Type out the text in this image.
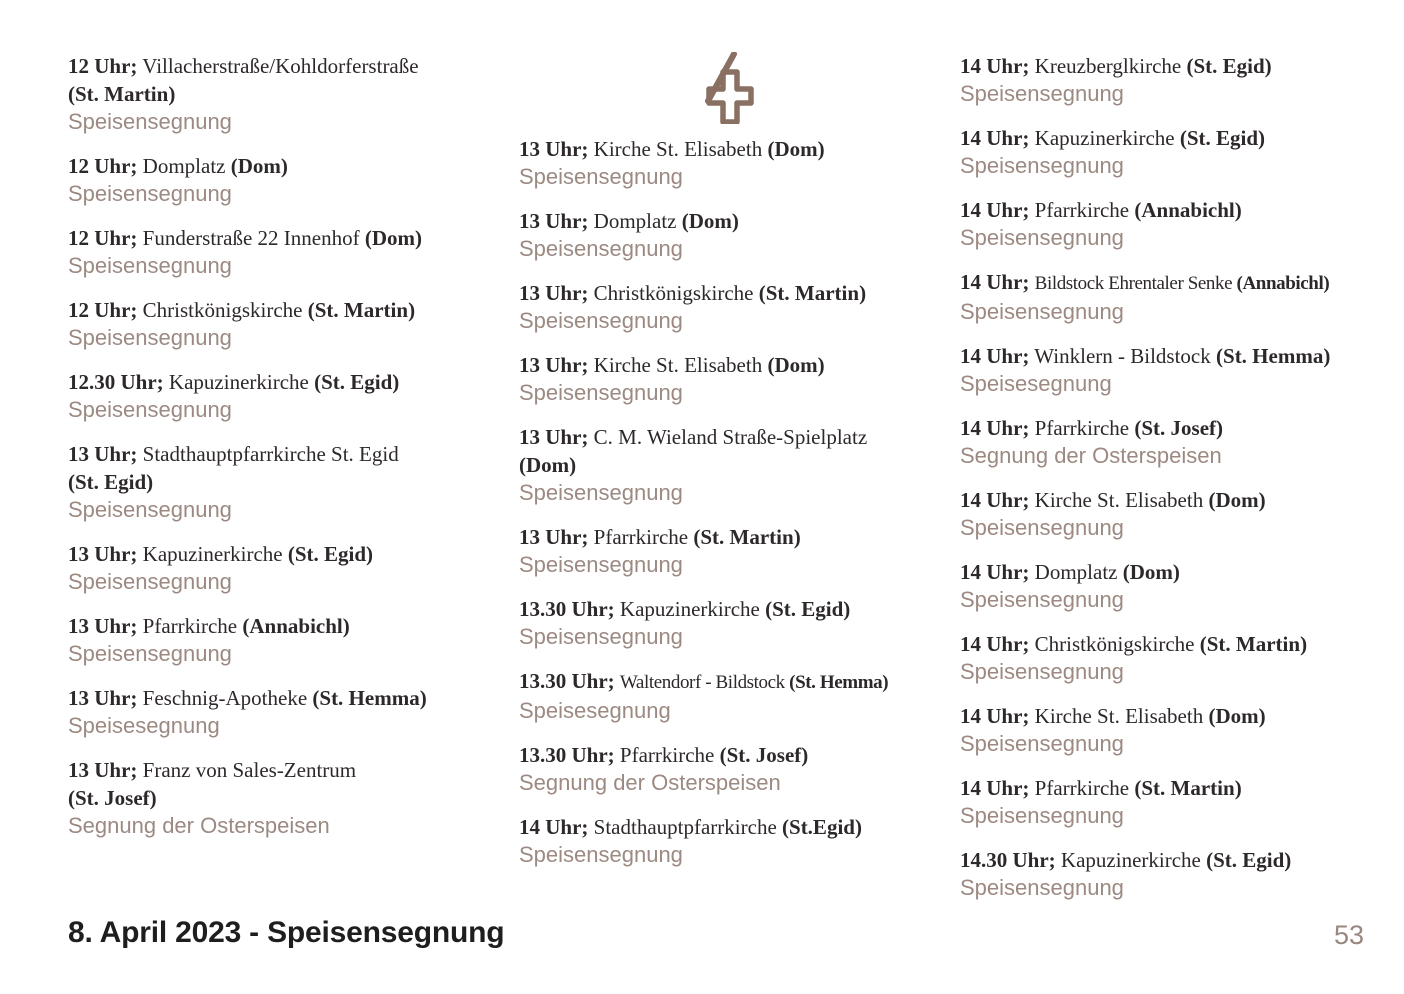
12 Uhr; Villacherstraße/Kohldorferstraße
(St. Martin)

Speisensegnung

12 Uhr; Domplatz (Dom)

Speisensegnung

12 Uhr; Funderstraße 22 Innenhof (Dom)

Speisensegnung

12 Uhr; Christkönigskirche (St. Martin)

Speisensegnung

12.30 Uhr; Kapuzinerkirche (St. Egid)

Speisensegnung

13 Uhr; Stadthauptpfarrkirche St. Egid
(St. Egid)

Speisensegnung

13 Uhr; Kapuzinerkirche (St. Egid)

Speisensegnung

13 Uhr; Pfarrkirche (Annabichl)

Speisensegnung

13 Uhr; Feschnig-Apotheke (St. Hemma)

Speisesegnung

13 Uhr; Franz von Sales-Zentrum
(St. Josef)

Segnung der Osterspeisen

13 Uhr; Kirche St. Elisabeth (Dom)

Speisensegnung

13 Uhr; Domplatz (Dom)

Speisensegnung

13 Uhr; Christkönigskirche (St. Martin)

Speisensegnung

13 Uhr; Kirche St. Elisabeth (Dom)

Speisensegnung

13 Uhr; C. M. Wieland Straße-Spielplatz
(Dom)

Speisensegnung

13 Uhr; Pfarrkirche (St. Martin)

Speisensegnung

13.30 Uhr; Kapuzinerkirche (St. Egid)

Speisensegnung

13.30 Uhr; Waltendorf - Bildstock (St. Hemma)

Speisesegnung

13.30 Uhr; Pfarrkirche (St. Josef)

Segnung der Osterspeisen

14 Uhr; Stadthauptpfarrkirche (St.Egid)

Speisensegnung

14 Uhr; Kreuzberglkirche (St. Egid)

Speisensegnung

14 Uhr; Kapuzinerkirche (St. Egid)

Speisensegnung

14 Uhr; Pfarrkirche (Annabichl)

Speisensegnung

14 Uhr; Bildstock Ehrentaler Senke (Annabichl)

Speisensegnung

14 Uhr; Winklern - Bildstock (St. Hemma)

Speisesegnung

14 Uhr; Pfarrkirche (St. Josef)

Segnung der Osterspeisen

14 Uhr; Kirche St. Elisabeth (Dom)

Speisensegnung

14 Uhr; Domplatz (Dom)

Speisensegnung

14 Uhr; Christkönigskirche (St. Martin)

Speisensegnung

14 Uhr; Kirche St. Elisabeth (Dom)

Speisensegnung

14 Uhr; Pfarrkirche (St. Martin)

Speisensegnung

14.30 Uhr; Kapuzinerkirche (St. Egid)

Speisensegnung

8. April 2023 - Speisensegnung	53
